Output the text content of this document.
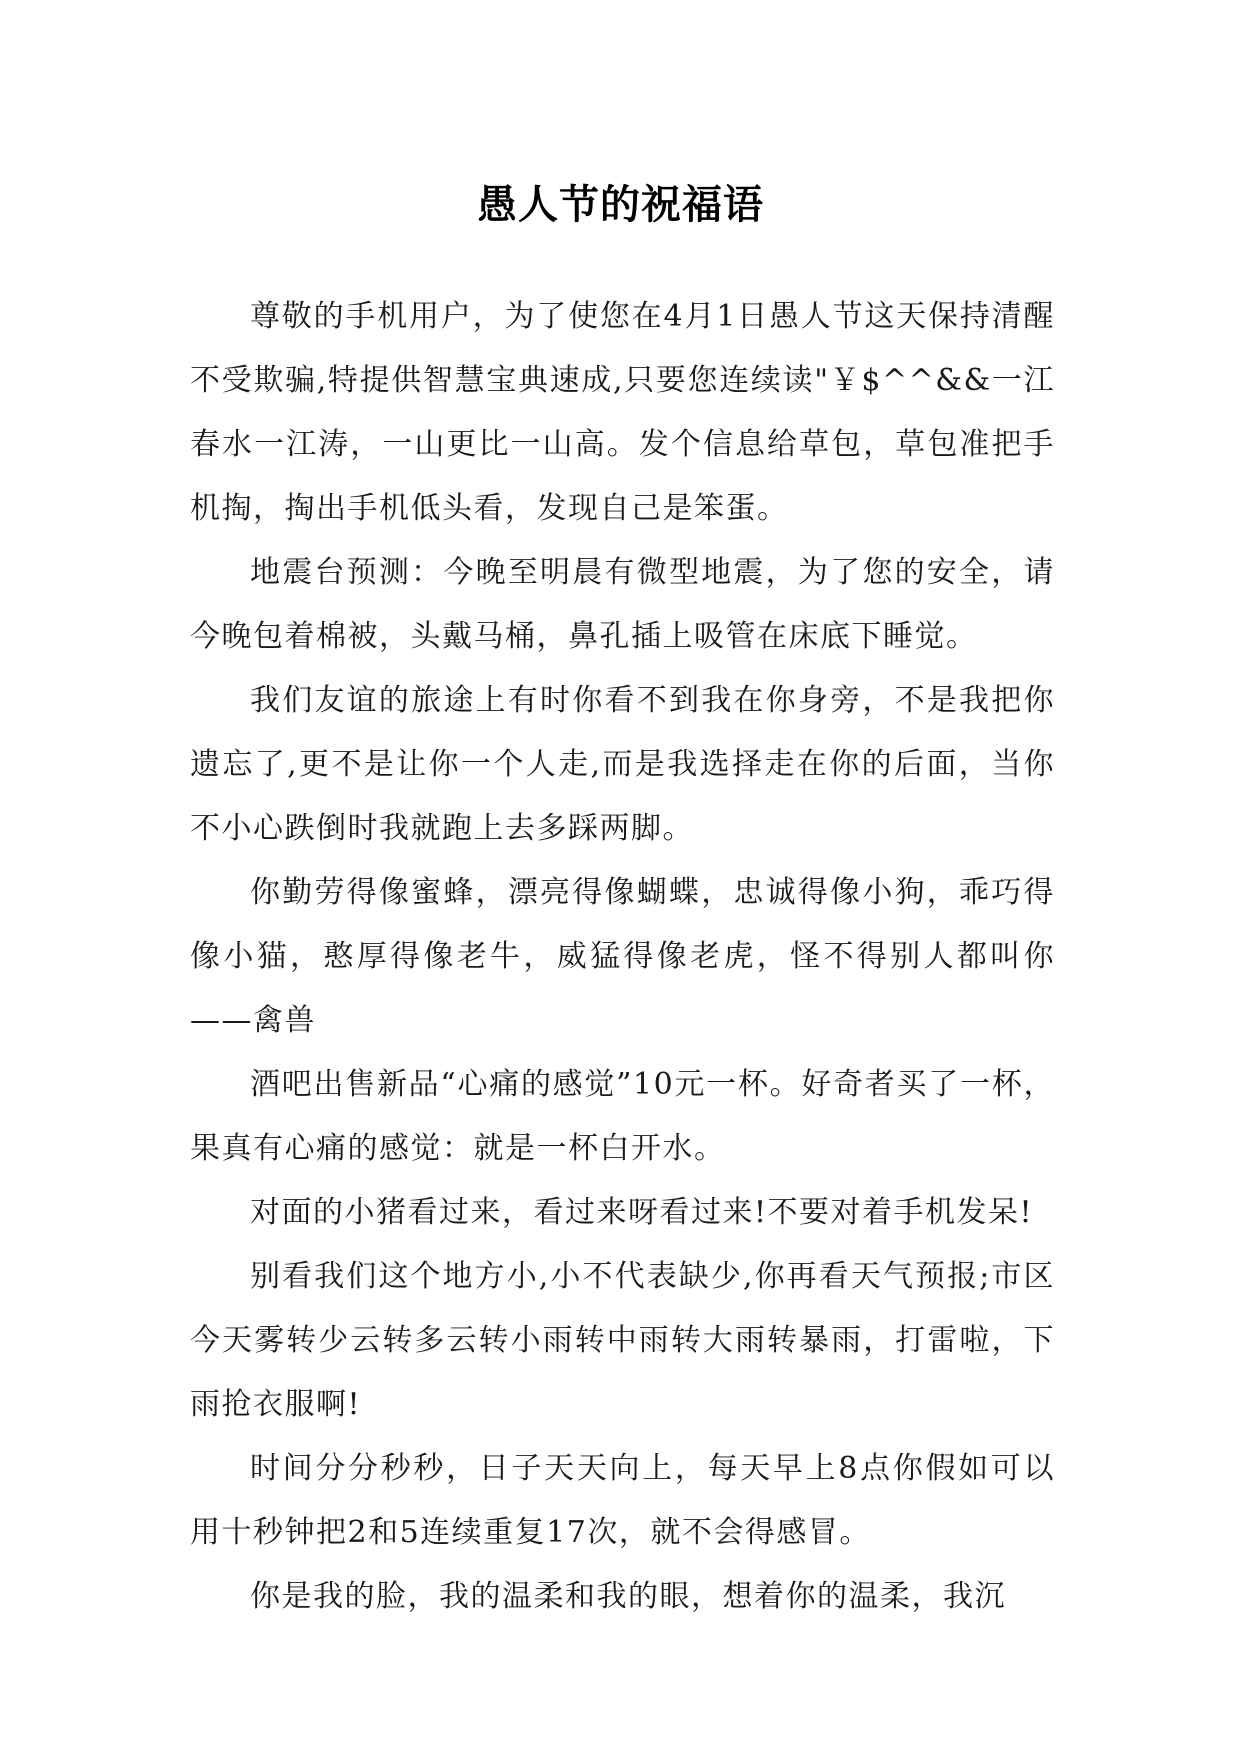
愚人节的祝福语

尊敬的手机用户，为了使您在4月1日愚人节这天保持清醒不受欺骗,特提供智慧宝典速成,只要您连续读"￥$^^&&一江春水一江涛，一山更比一山高。发个信息给草包，草包准把手机掏，掏出手机低头看，发现自己是笨蛋。

地震台预测：今晚至明晨有微型地震，为了您的安全，请今晚包着棉被，头戴马桶，鼻孔插上吸管在床底下睡觉。

我们友谊的旅途上有时你看不到我在你身旁，不是我把你遗忘了,更不是让你一个人走,而是我选择走在你的后面，当你不小心跌倒时我就跑上去多踩两脚。

你勤劳得像蜜蜂，漂亮得像蝴蝶，忠诚得像小狗，乖巧得像小猫，憨厚得像老牛，威猛得像老虎，怪不得别人都叫你——禽兽

酒吧出售新品“心痛的感觉”10元一杯。好奇者买了一杯，果真有心痛的感觉：就是一杯白开水。

对面的小猪看过来，看过来呀看过来!不要对着手机发呆!

别看我们这个地方小,小不代表缺少,你再看天气预报;市区今天雾转少云转多云转小雨转中雨转大雨转暴雨，打雷啦，下雨抢衣服啊!

时间分分秒秒，日子天天向上，每天早上8点你假如可以用十秒钟把2和5连续重复17次，就不会得感冒。

你是我的脸，我的温柔和我的眼，想着你的温柔，我沉
